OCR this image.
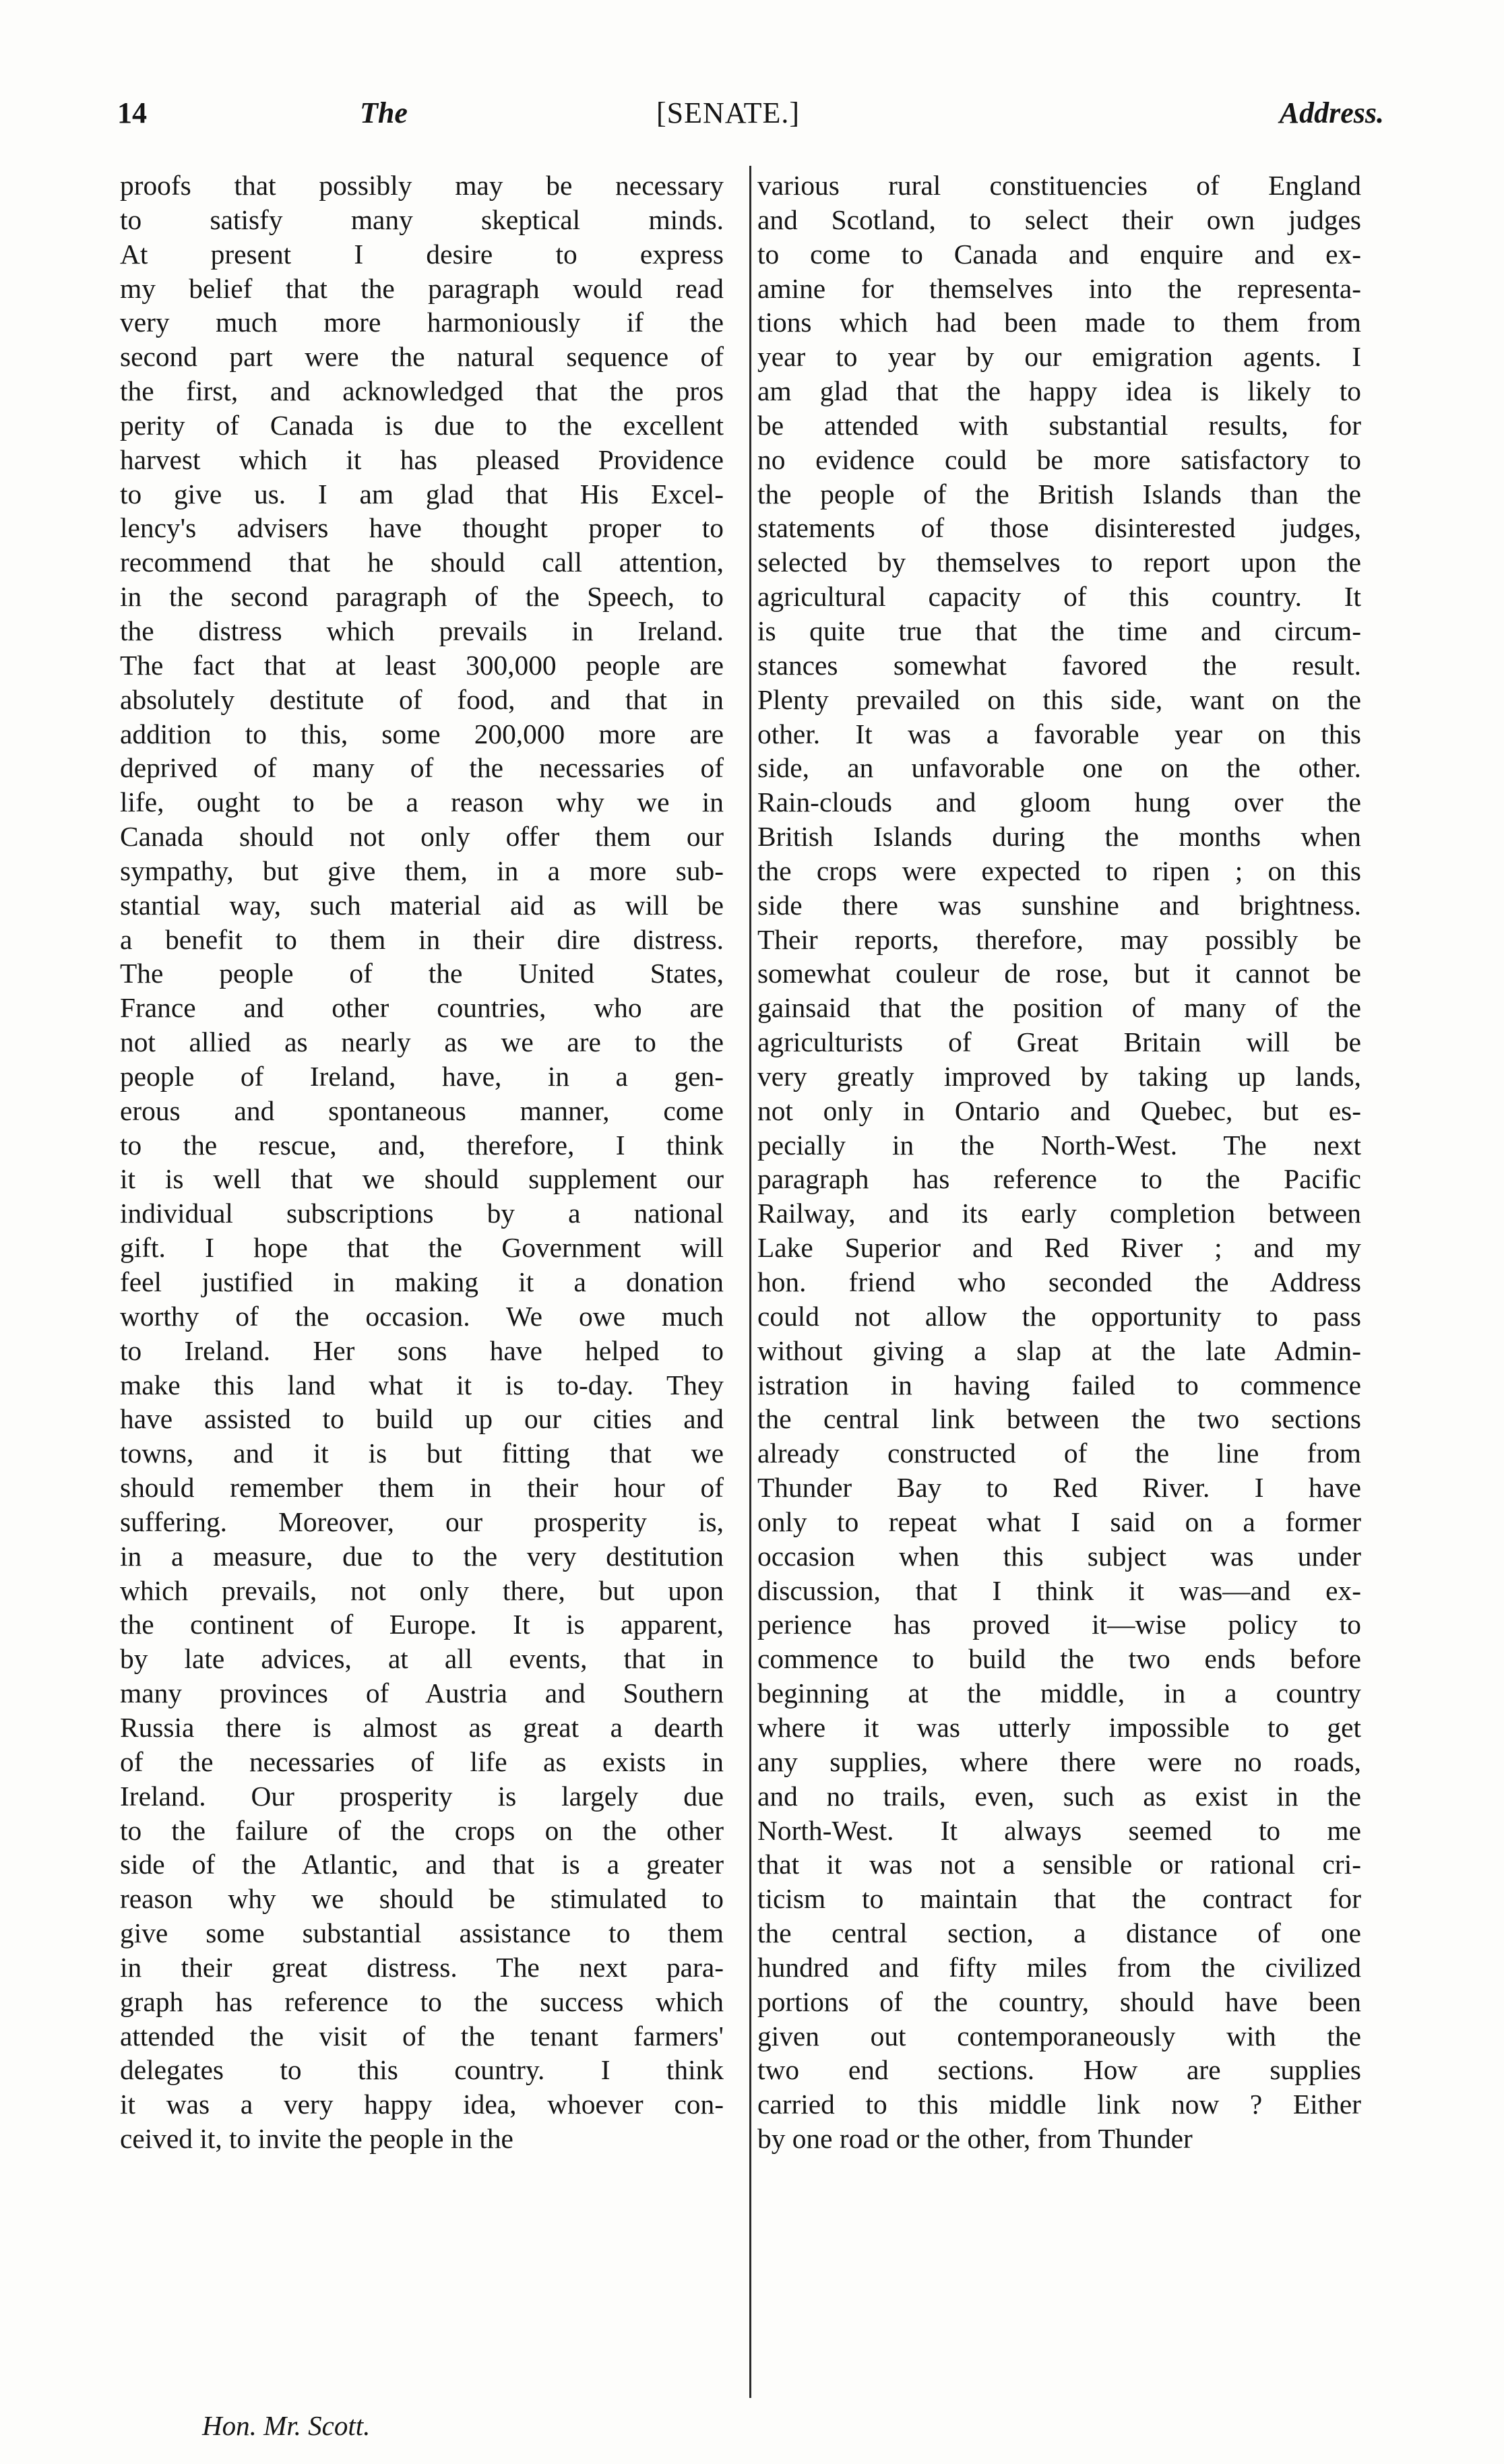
14	The	[SENATE.]	Address.
proofs that possibly may be necessary
to satisfy many skeptical minds.
At present I desire to express
my belief that the paragraph would read
very much more harmoniously if the
second part were the natural sequence of
the first, and acknowledged that the pros
perity of Canada is due to the excellent
harvest which it has pleased Providence
to give us. I am glad that His Excel-
lency's advisers have thought proper to
recommend that he should call attention,
in the second paragraph of the Speech, to
the distress which prevails in Ireland.
The fact that at least 300,000 people are
absolutely destitute of food, and that in
addition to this, some 200,000 more are
deprived of many of the necessaries of
life, ought to be a reason why we in
Canada should not only offer them our
sympathy, but give them, in a more sub-
stantial way, such material aid as will be
a benefit to them in their dire distress.
The people of the United States,
France and other countries, who are
not allied as nearly as we are to the
people of Ireland, have, in a gen-
erous and spontaneous manner, come
to the rescue, and, therefore, I think
it is well that we should supplement our
individual subscriptions by a national
gift. I hope that the Government will
feel justified in making it a donation
worthy of the occasion. We owe much
to Ireland. Her sons have helped to
make this land what it is to-day. They
have assisted to build up our cities and
towns, and it is but fitting that we
should remember them in their hour of
suffering. Moreover, our prosperity is,
in a measure, due to the very destitution
which prevails, not only there, but upon
the continent of Europe. It is apparent,
by late advices, at all events, that in
many provinces of Austria and Southern
Russia there is almost as great a dearth
of the necessaries of life as exists in
Ireland. Our prosperity is largely due
to the failure of the crops on the other
side of the Atlantic, and that is a greater
reason why we should be stimulated to
give some substantial assistance to them
in their great distress. The next para-
graph has reference to the success which
attended the visit of the tenant farmers'
delegates to this country. I think
it was a very happy idea, whoever con-
ceived it, to invite the people in the
various rural constituencies of England
and Scotland, to select their own judges
to come to Canada and enquire and ex-
amine for themselves into the representa-
tions which had been made to them from
year to year by our emigration agents. I
am glad that the happy idea is likely to
be attended with substantial results, for
no evidence could be more satisfactory to
the people of the British Islands than the
statements of those disinterested judges,
selected by themselves to report upon the
agricultural capacity of this country. It
is quite true that the time and circum-
stances somewhat favored the result.
Plenty prevailed on this side, want on the
other. It was a favorable year on this
side, an unfavorable one on the other.
Rain-clouds and gloom hung over the
British Islands during the months when
the crops were expected to ripen ; on this
side there was sunshine and brightness.
Their reports, therefore, may possibly be
somewhat couleur de rose, but it cannot be
gainsaid that the position of many of the
agriculturists of Great Britain will be
very greatly improved by taking up lands,
not only in Ontario and Quebec, but es-
pecially in the North-West. The next
paragraph has reference to the Pacific
Railway, and its early completion between
Lake Superior and Red River ; and my
hon. friend who seconded the Address
could not allow the opportunity to pass
without giving a slap at the late Admin-
istration in having failed to commence
the central link between the two sections
already constructed of the line from
Thunder Bay to Red River. I have
only to repeat what I said on a former
occasion when this subject was under
discussion, that I think it was—and ex-
perience has proved it—wise policy to
commence to build the two ends before
beginning at the middle, in a country
where it was utterly impossible to get
any supplies, where there were no roads,
and no trails, even, such as exist in the
North-West. It always seemed to me
that it was not a sensible or rational cri-
ticism to maintain that the contract for
the central section, a distance of one
hundred and fifty miles from the civilized
portions of the country, should have been
given out contemporaneously with the
two end sections. How are supplies
carried to this middle link now ? Either
by one road or the other, from Thunder
Hon. Mr. Scott.
